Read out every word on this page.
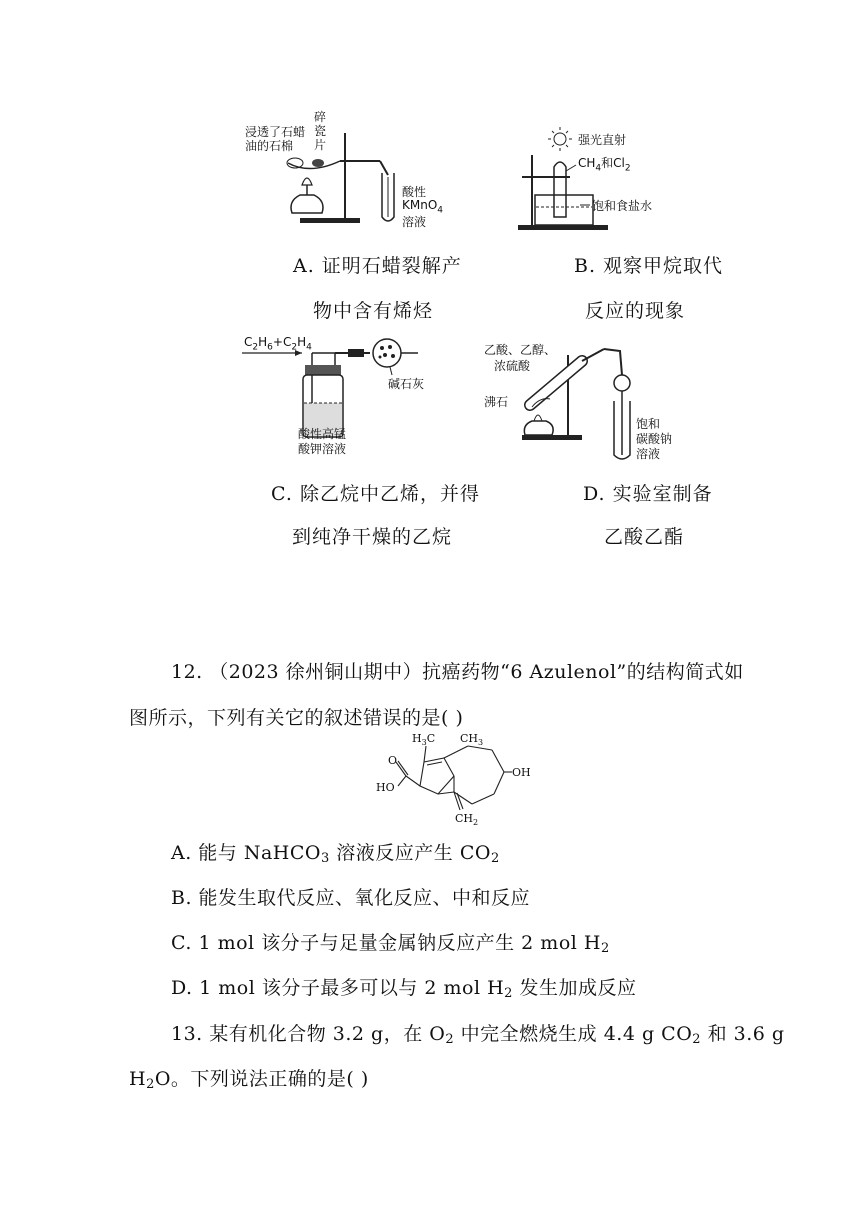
浸透了石蜡
油的石棉
碎
瓷
片
酸性
KMnO$_4$
溶液
A. 证明石蜡裂解产
物中含有烯烃
强光直射
$CH_4$和$Cl_2$
饱和食盐水
B. 观察甲烷取代
反应的现象
$C_2H_6+C_2H_4$
碱石灰
酸性高锰
酸钾溶液
C. 除乙烷中乙烯，并得
到纯净干燥的乙烷
乙酸、乙醇、
浓硫酸
沸石
饱和
碳酸钠
溶液
D. 实验室制备
乙酸乙酯
12. （2023 徐州铜山期中）抗癌药物“6 Azulenol”的结构简式如
图所示，下列有关它的叙述错误的是( )
$H_3C$ $CH_3$
O
HO
OH
$CH_2$
A. 能与 NaHCO$_3$ 溶液反应产生 $CO_2$
B. 能发生取代反应、氧化反应、中和反应
C. 1 mol 该分子与足量金属钠反应产生 2 mol $H_2$
D. 1 mol 该分子最多可以与 2 mol $H_2$ 发生加成反应
13. 某有机化合物 3.2 g，在 $O_2$ 中完全燃烧生成 4.4 g $CO_2$ 和 3.6 g
$H_2O$。下列说法正确的是( )
